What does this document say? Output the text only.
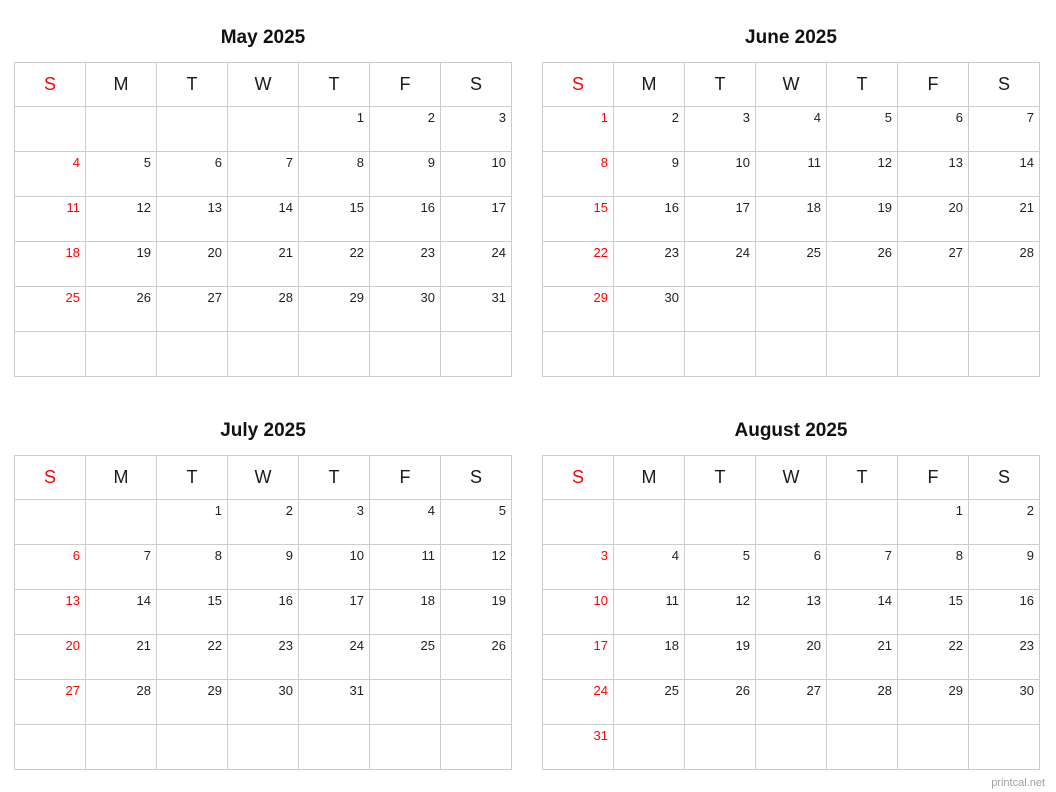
May 2025
S	M	T	W	T	F	S
				1	2	3
4	5	6	7	8	9	10
11	12	13	14	15	16	17
18	19	20	21	22	23	24
25	26	27	28	29	30	31

June 2025
S	M	T	W	T	F	S
1	2	3	4	5	6	7
8	9	10	11	12	13	14
15	16	17	18	19	20	21
22	23	24	25	26	27	28
29	30					

July 2025
S	M	T	W	T	F	S
		1	2	3	4	5
6	7	8	9	10	11	12
13	14	15	16	17	18	19
20	21	22	23	24	25	26
27	28	29	30	31		

August 2025
S	M	T	W	T	F	S
					1	2
3	4	5	6	7	8	9
10	11	12	13	14	15	16
17	18	19	20	21	22	23
24	25	26	27	28	29	30
31						
printcal.net
